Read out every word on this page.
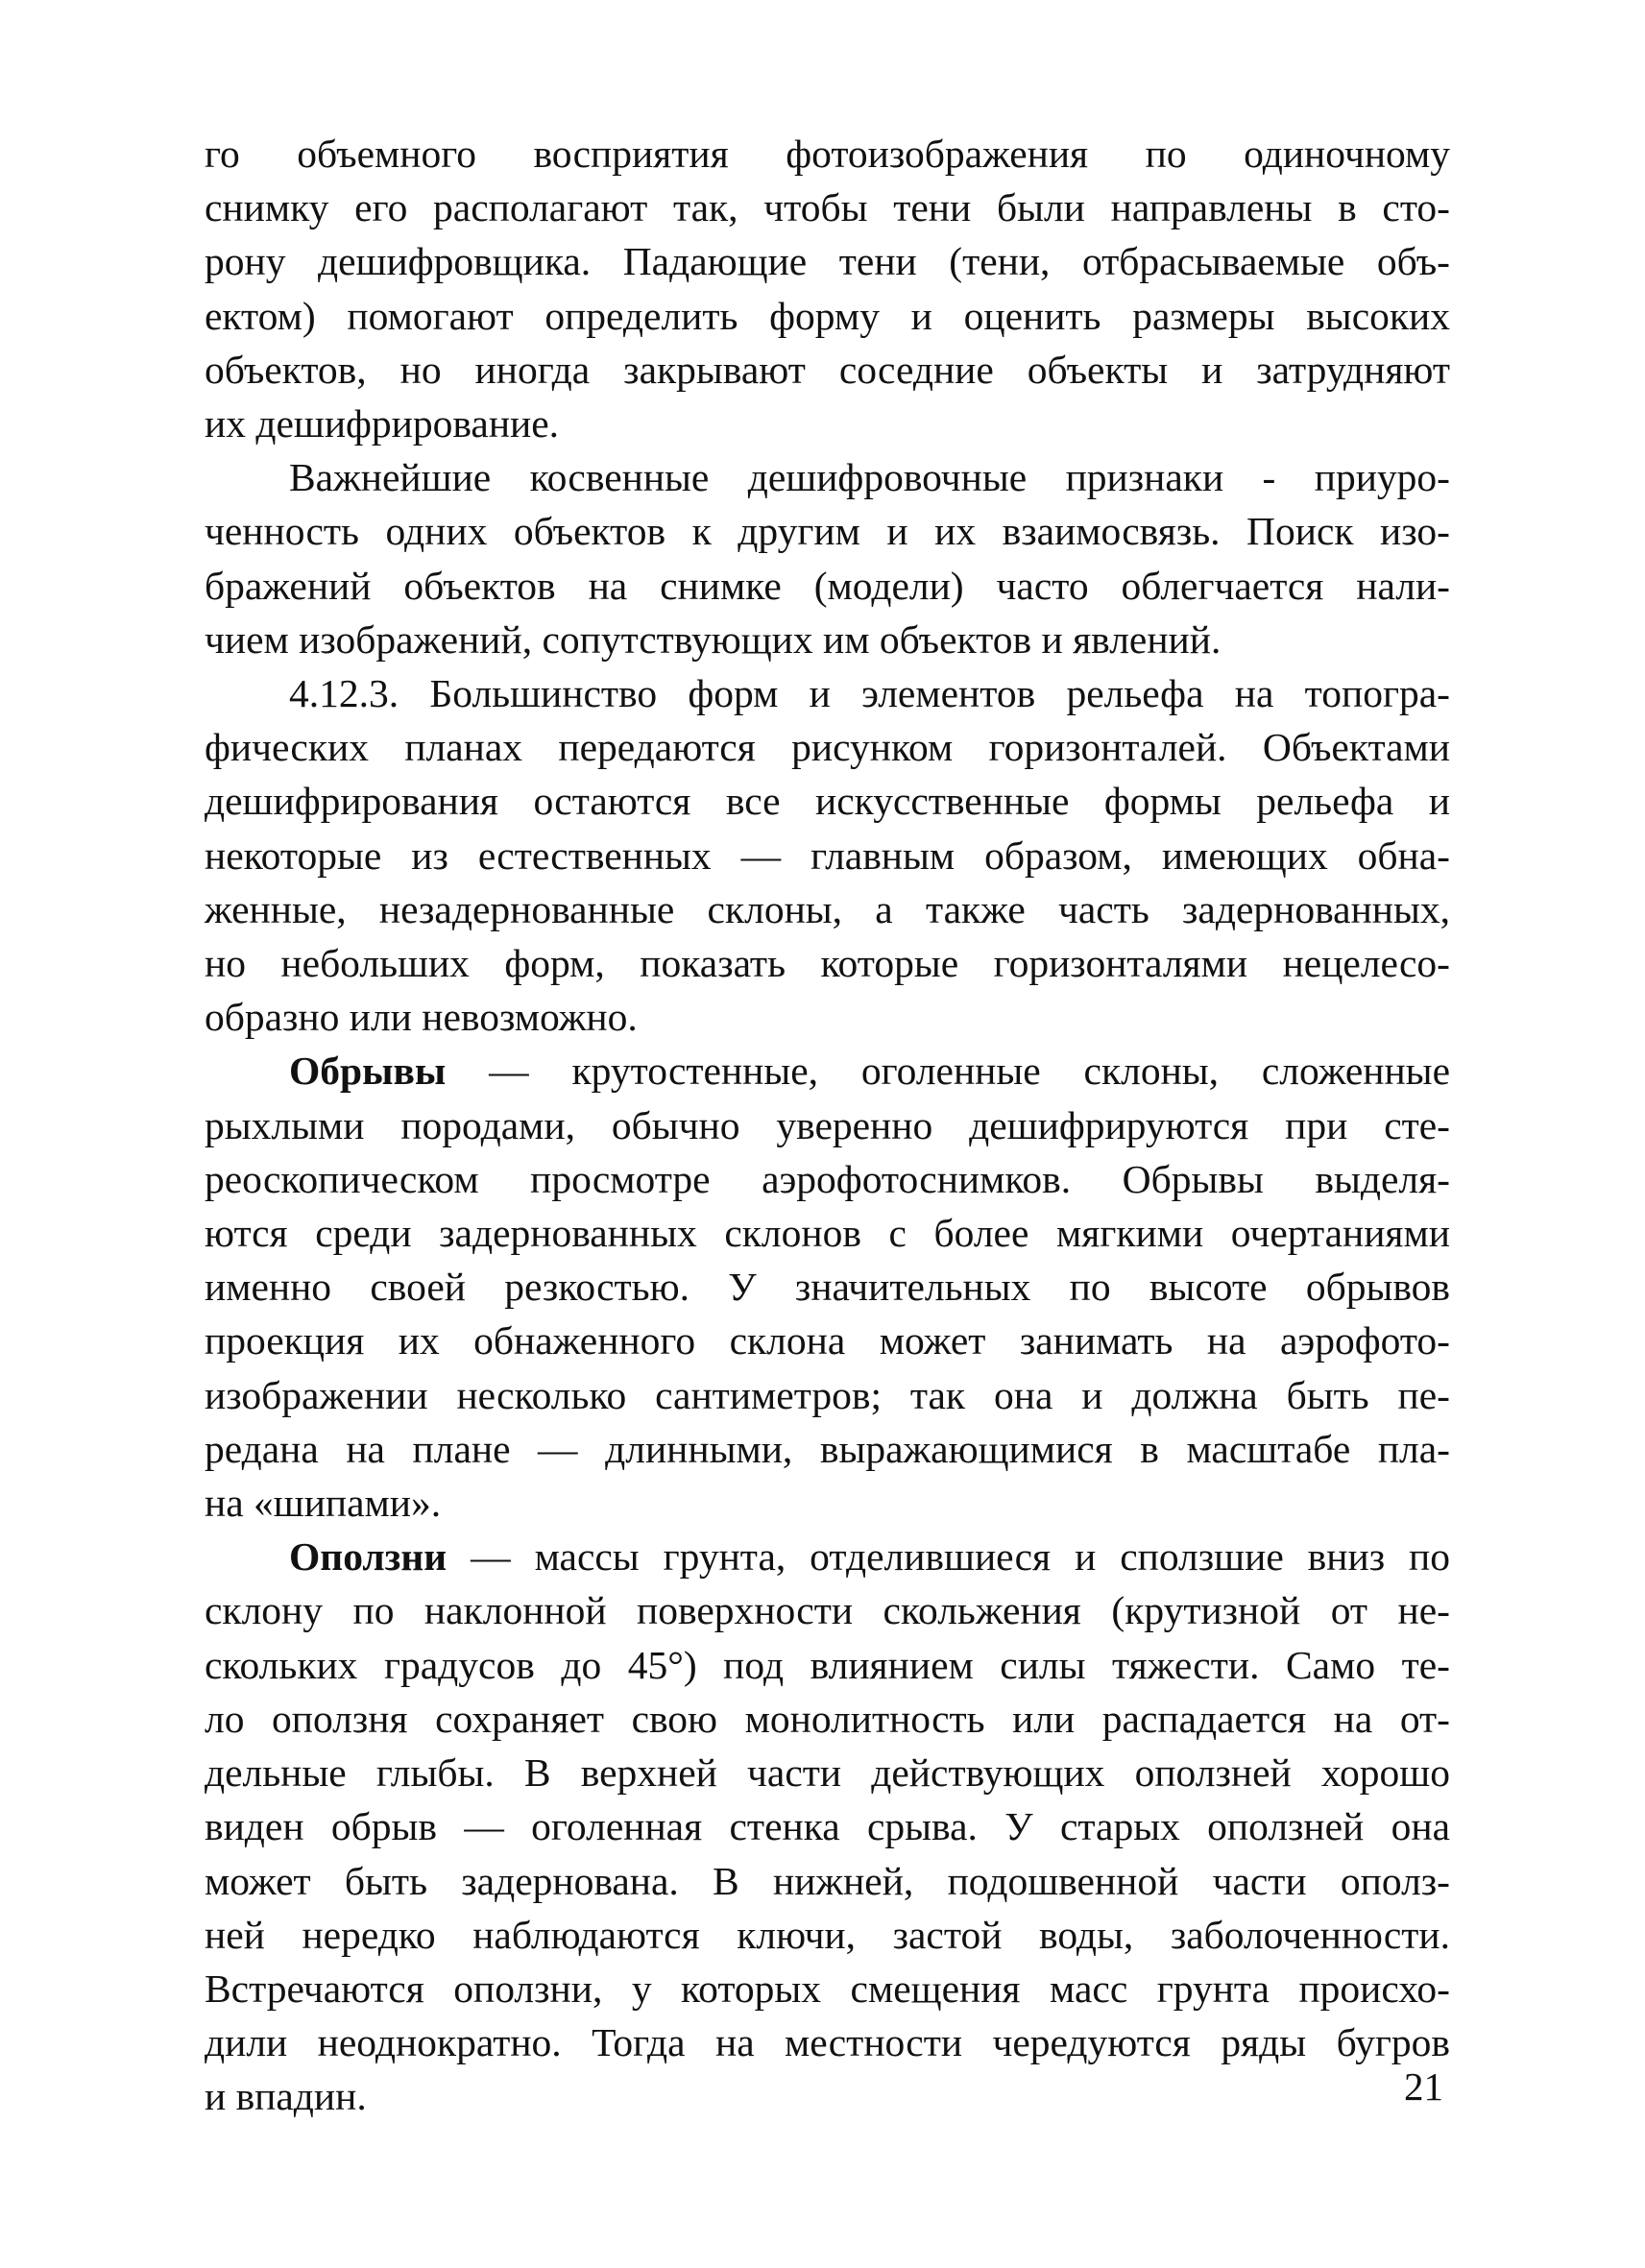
го объемного восприятия фотоизображения по одиночному
снимку его располагают так, чтобы тени были направлены в сто-
рону дешифровщика. Падающие тени (тени, отбрасываемые объ-
ектом) помогают определить форму и оценить размеры высоких
объектов, но иногда закрывают соседние объекты и затрудняют
их дешифрирование.

Важнейшие косвенные дешифровочные признаки - приуро-
ченность одних объектов к другим и их взаимосвязь. Поиск изо-
бражений объектов на снимке (модели) часто облегчается нали-
чием изображений, сопутствующих им объектов и явлений.

4.12.3. Большинство форм и элементов рельефа на топогра-
фических планах передаются рисунком горизонталей. Объектами
дешифрирования остаются все искусственные формы рельефа и
некоторые из естественных — главным образом, имеющих обна-
женные, незадернованные склоны, а также часть задернованных,
но небольших форм, показать которые горизонталями нецелесо-
образно или невозможно.

Обрывы — крутостенные, оголенные склоны, сложенные
рыхлыми породами, обычно уверенно дешифрируются при сте-
реоскопическом просмотре аэрофотоснимков. Обрывы выделя-
ются среди задернованных склонов с более мягкими очертаниями
именно своей резкостью. У значительных по высоте обрывов
проекция их обнаженного склона может занимать на аэрофото-
изображении несколько сантиметров; так она и должна быть пе-
редана на плане — длинными, выражающимися в масштабе пла-
на «шипами».

Оползни — массы грунта, отделившиеся и сползшие вниз по
склону по наклонной поверхности скольжения (крутизной от не-
скольких градусов до 45°) под влиянием силы тяжести. Само те-
ло оползня сохраняет свою монолитность или распадается на от-
дельные глыбы. В верхней части действующих оползней хорошо
виден обрыв — оголенная стенка срыва. У старых оползней она
может быть задернована. В нижней, подошвенной части ополз-
ней нередко наблюдаются ключи, застой воды, заболоченности.
Встречаются оползни, у которых смещения масс грунта происхо-
дили неоднократно. Тогда на местности чередуются ряды бугров
и впадин.	21
